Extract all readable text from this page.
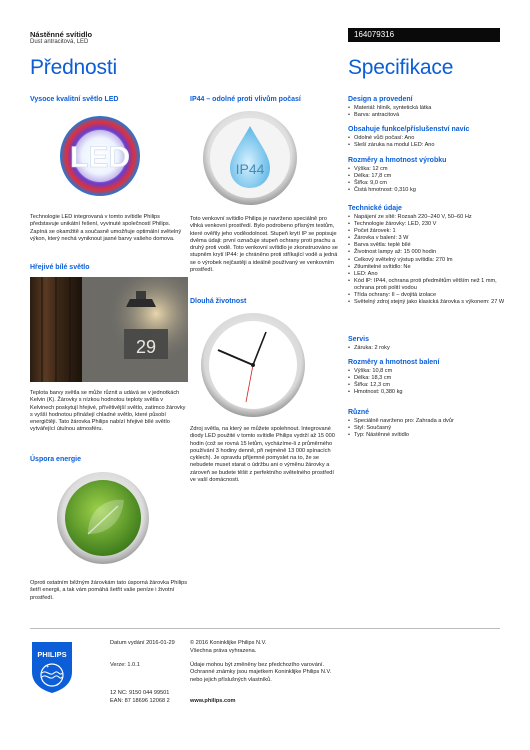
Nástěnné svítidlo
Dust antracitová, LED
164079316
Přednosti	Specifikace
Vysoce kvalitní světlo LED
LED
Technologie LED integrovaná v tomto svítidle Philips představuje unikátní řešení, vyvinuté společností Philips. Zapíná se okamžitě a současně umožňuje optimální světelný výkon, který nechá vyniknout jasné barvy vašeho domova.
Hřejivé bílé světlo
29
Teplota barvy světla se může různit a udává se v jednotkách Kelvin (K). Žárovky s nízkou hodnotou teploty světla v Kelvinech poskytují hřejivé, přívětivější světlo, zatímco žárovky s vyšší hodnotou přinášejí chladné světlo, které působí energičtěji. Tato žárovka Philips nabízí hřejivé bílé světlo vytvářející útulnou atmosféru.
Úspora energie
Oproti ostatním běžným žárovkám tato úsporná žárovka Philips šetří energii, a tak vám pomáhá šetřit vaše peníze i životní prostředí.
IP44 – odolné proti vlivům počasí
IP44
Toto venkovní svítidlo Philips je navrženo speciálně pro vlhká venkovní prostředí. Bylo podrobeno přísným testům, které ověřily jeho voděodolnost. Stupeň krytí IP se popisuje dvěma údaji: první označuje stupeň ochrany proti prachu a druhý proti vodě. Toto venkovní svítidlo je zkonstruováno se stupněm krytí IP44: je chráněno proti stříkající vodě a jedná se o výrobek nejčastěji a ideálně používaný ve venkovním prostředí.
Dlouhá životnost
Zdroj světla, na který se můžete spolehnout. Integrované diody LED použité v tomto svítidle Philips vydrží až 15 000 hodin (což se rovná 15 letům, vycházíme-li z průměrného používání 3 hodiny denně, při nejméně 13 000 spínacích cyklech). Je opravdu příjemné pomyslet na to, že se nebudete muset starat o údržbu ani o výměnu žárovky a zároveň se budete těšit z perfektního světelného prostředí ve vaší domácnosti.
Design a provedení
• Materiál: hliník, syntetická látka
• Barva: antracitová
Obsahuje funkce/příslušenství navíc
• Odolné vůči počasí: Ano
• Sleší záruka na modul LED: Ano
Rozměry a hmotnost výrobku
• Výška: 12 cm
• Délka: 17,8 cm
• Šířka: 9,0 cm
• Čistá hmotnost: 0,310 kg
Technické údaje
• Napájení ze sítě: Rozsah 220–240 V, 50–60 Hz
• Technologie žárovky: LED, 230 V
• Počet žárovek: 1
• Žárovka v balení: 3 W
• Barva světla: teplé bílé
• Životnost lampy až: 15 000 hodin
• Celkový světelný výstup svítidla: 270 lm
• Ztlumitelné svítidlo: Ne
• LED: Ano
• Kód IP: IP44, ochrana proti předmětům větším než 1 mm, ochrana proti polití vodou
• Třída ochrany: II – dvojitá izolace
• Světelný zdroj stejný jako klasická žárovka s výkonem: 27 W
Servis
• Záruka: 2 roky
Rozměry a hmotnost balení
• Výška: 10,8 cm
• Délka: 18,3 cm
• Šířka: 12,3 cm
• Hmotnost: 0,380 kg
Různé
• Speciálně navrženo pro: Zahrada a dvůr
• Styl: Současný
• Typ: Nástěnné svítidlo
PHILIPS
✦
✦
Datum vydání 2016-01-29
Verze: 1.0.1
12 NC: 9150 044 99501
EAN: 87 18696 12068 2
© 2016 Koninklijke Philips N.V.
Všechna práva vyhrazena.
Údaje mohou být změněny bez předchozího varování. Ochranné známky jsou majetkem Koninklijke Philips N.V. nebo jejich příslušných vlastníků.
www.philips.com
